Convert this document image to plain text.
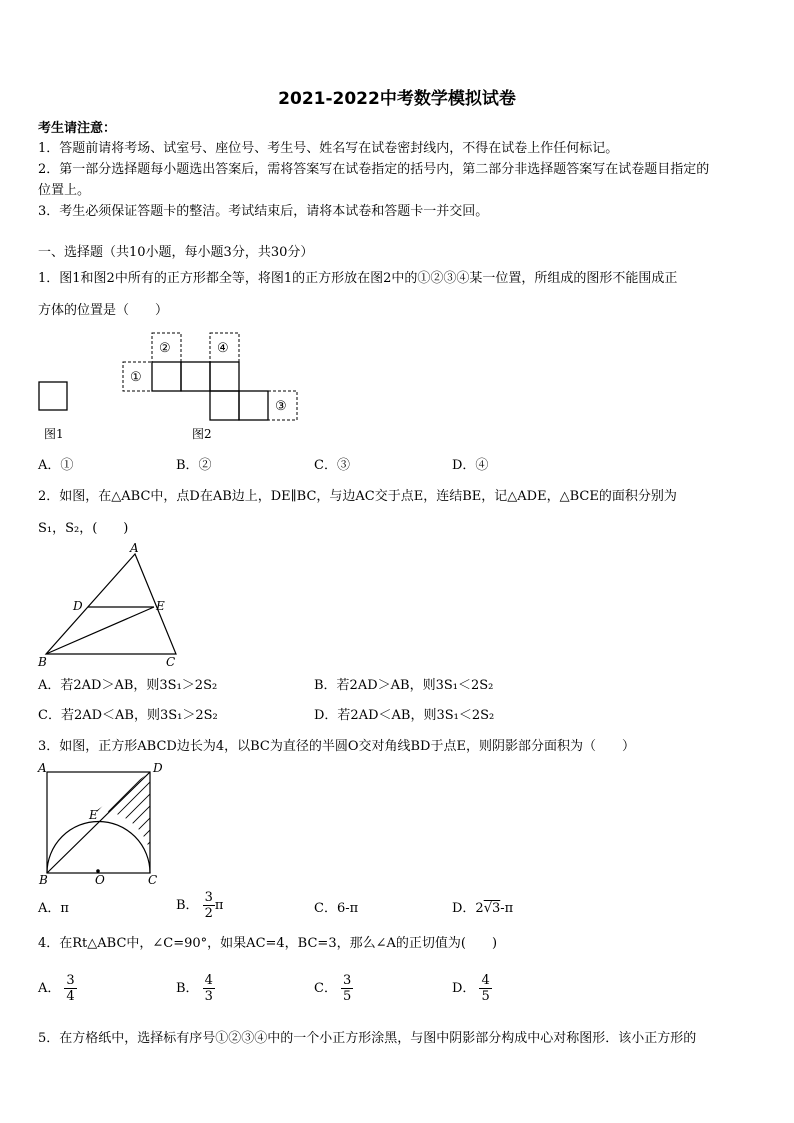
2021-2022中考数学模拟试卷
考生请注意：
1．答题前请将考场、试室号、座位号、考生号、姓名写在试卷密封线内，不得在试卷上作任何标记。
2．第一部分选择题每小题选出答案后，需将答案写在试卷指定的括号内，第二部分非选择题答案写在试卷题目指定的
位置上。
3．考生必须保证答题卡的整洁。考试结束后，请将本试卷和答题卡一并交回。
一、选择题（共10小题，每小题3分，共30分）
1．图1和图2中所有的正方形都全等，将图1的正方形放在图2中的①②③④某一位置，所组成的图形不能围成正
方体的位置是（　　）
图1
①
②	④
③
图2
A．①	B．②	C．③	D．④
2．如图，在△ABC中，点D在AB边上，DE∥BC，与边AC交于点E，连结BE，记△ADE，△BCE的面积分别为
S₁，S₂，(　　)
A
D	E
B	C
A．若2AD＞AB，则3S₁＞2S₂	B．若2AD＞AB，则3S₁＜2S₂
C．若2AD＜AB，则3S₁＞2S₂	D．若2AD＜AB，则3S₁＜2S₂
3．如图，正方形ABCD边长为4，以BC为直径的半圆O交对角线BD于点E，则阴影部分面积为（　　）
A	D
E
B	O	C
A．π	B． $\frac{3}{2}$ π	C．6-π	D．2√3-π
4．在Rt△ABC中，∠C=90°，如果AC=4，BC=3，那么∠A的正切值为(　　)
A． $\frac{3}{4}$	B． $\frac{4}{3}$	C． $\frac{3}{5}$	D． $\frac{4}{5}$
5．在方格纸中，选择标有序号①②③④中的一个小正方形涂黑，与图中阴影部分构成中心对称图形．该小正方形的
